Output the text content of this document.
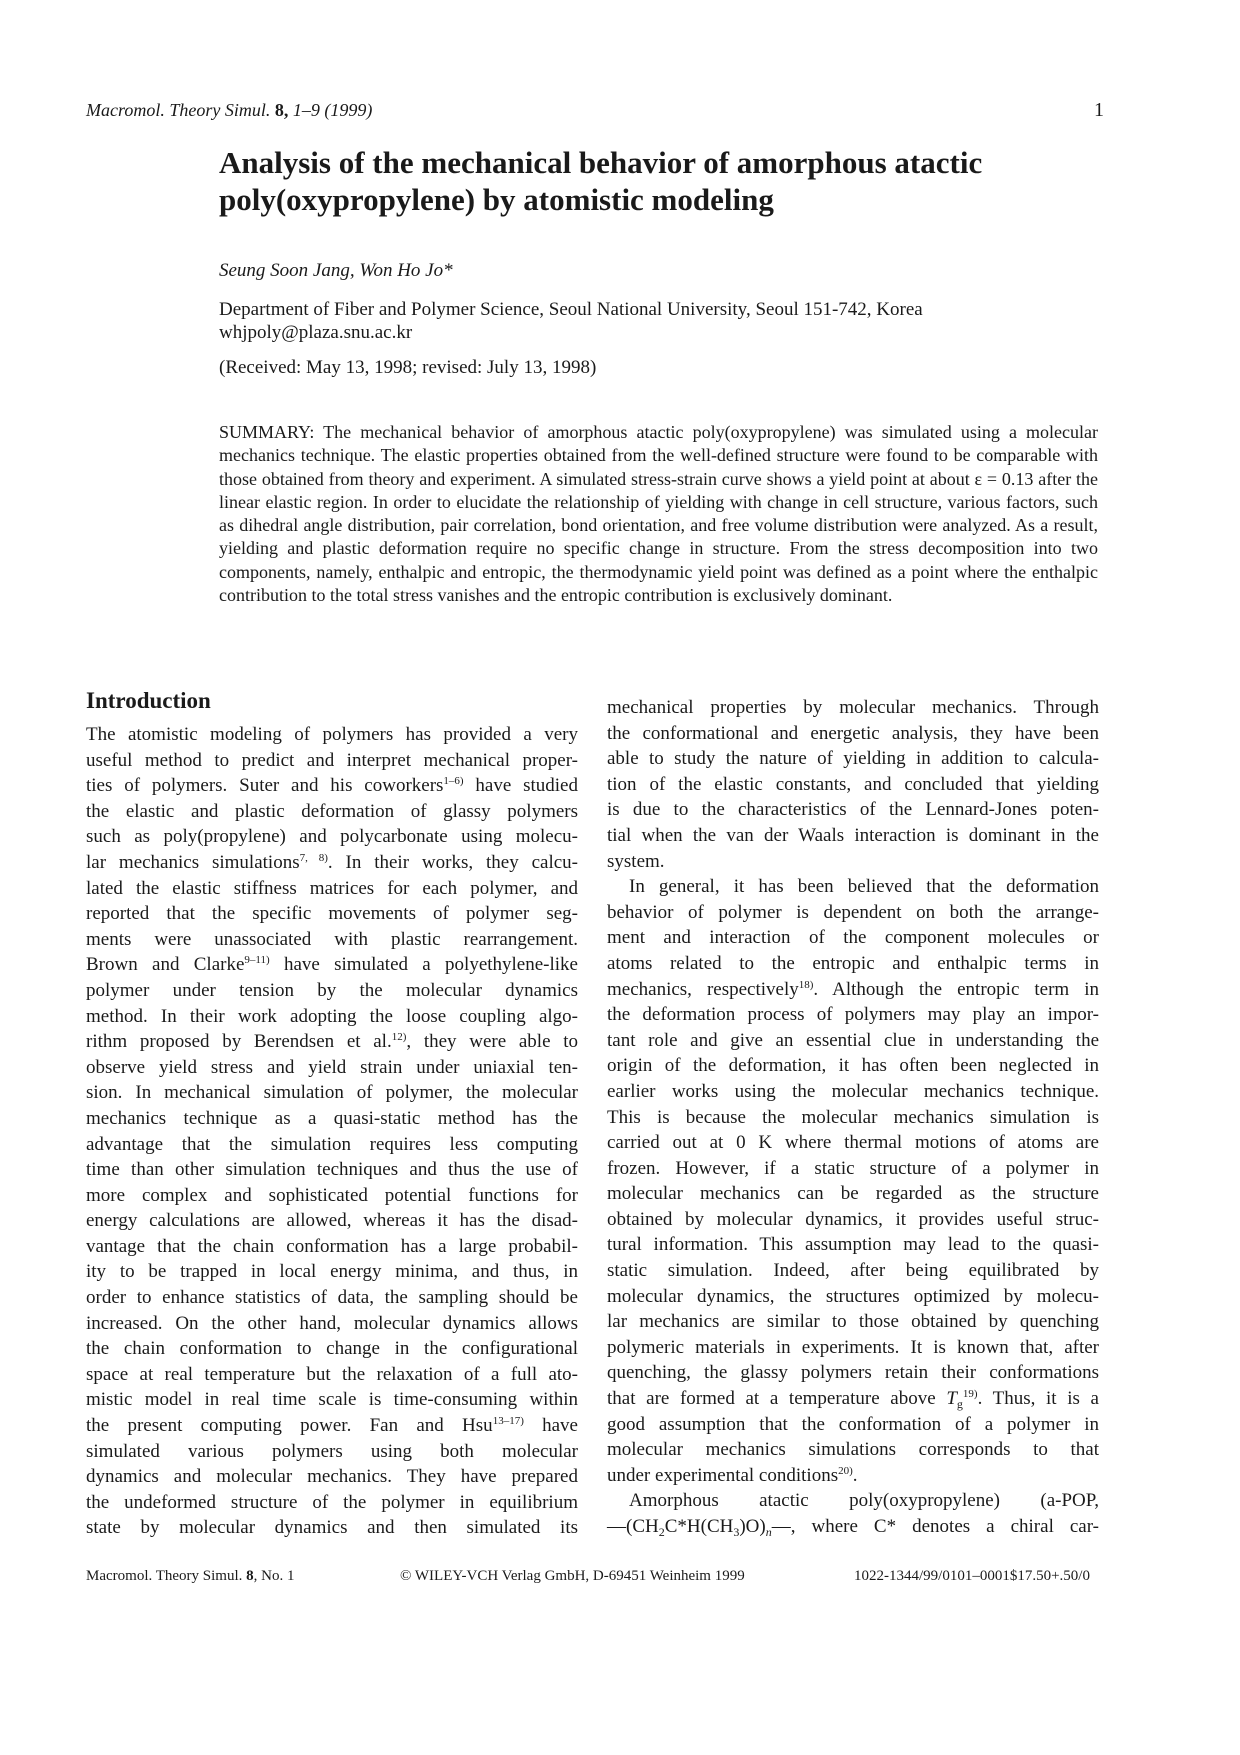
Macromol. Theory Simul. 8, 1–9 (1999)	1
Analysis of the mechanical behavior of amorphous atactic
poly(oxypropylene) by atomistic modeling
Seung Soon Jang, Won Ho Jo*
Department of Fiber and Polymer Science, Seoul National University, Seoul 151-742, Korea
whjpoly@plaza.snu.ac.kr
(Received: May 13, 1998; revised: July 13, 1998)
SUMMARY: The mechanical behavior of amorphous atactic poly(oxypropylene) was simulated using a molecular mechanics technique. The elastic properties obtained from the well-defined structure were found to be comparable with those obtained from theory and experiment. A simulated stress-strain curve shows a yield point at about ε = 0.13 after the linear elastic region. In order to elucidate the relationship of yielding with change in cell structure, various factors, such as dihedral angle distribution, pair correlation, bond orientation, and free volume distribution were analyzed. As a result, yielding and plastic deformation require no specific change in structure. From the stress decomposition into two components, namely, enthalpic and entropic, the thermodynamic yield point was defined as a point where the enthalpic contribution to the total stress vanishes and the entropic contribution is exclusively dominant.
Introduction
The atomistic modeling of polymers has provided a very
useful method to predict and interpret mechanical proper-
ties of polymers. Suter and his coworkers$^{1-6)}$ have studied
the elastic and plastic deformation of glassy polymers
such as poly(propylene) and polycarbonate using molecu-
lar mechanics simulations$^{7, 8)}$. In their works, they calcu-
lated the elastic stiffness matrices for each polymer, and
reported that the specific movements of polymer seg-
ments were unassociated with plastic rearrangement.
Brown and Clarke$^{9-11)}$ have simulated a polyethylene-like
polymer under tension by the molecular dynamics
method. In their work adopting the loose coupling algo-
rithm proposed by Berendsen et al.$^{12)}$, they were able to
observe yield stress and yield strain under uniaxial ten-
sion. In mechanical simulation of polymer, the molecular
mechanics technique as a quasi-static method has the
advantage that the simulation requires less computing
time than other simulation techniques and thus the use of
more complex and sophisticated potential functions for
energy calculations are allowed, whereas it has the disad-
vantage that the chain conformation has a large probabil-
ity to be trapped in local energy minima, and thus, in
order to enhance statistics of data, the sampling should be
increased. On the other hand, molecular dynamics allows
the chain conformation to change in the configurational
space at real temperature but the relaxation of a full ato-
mistic model in real time scale is time-consuming within
the present computing power. Fan and Hsu$^{13-17)}$ have
simulated various polymers using both molecular
dynamics and molecular mechanics. They have prepared
the undeformed structure of the polymer in equilibrium
state by molecular dynamics and then simulated its
mechanical properties by molecular mechanics. Through
the conformational and energetic analysis, they have been
able to study the nature of yielding in addition to calcula-
tion of the elastic constants, and concluded that yielding
is due to the characteristics of the Lennard-Jones poten-
tial when the van der Waals interaction is dominant in the
system.
In general, it has been believed that the deformation
behavior of polymer is dependent on both the arrange-
ment and interaction of the component molecules or
atoms related to the entropic and enthalpic terms in
mechanics, respectively$^{18)}$. Although the entropic term in
the deformation process of polymers may play an impor-
tant role and give an essential clue in understanding the
origin of the deformation, it has often been neglected in
earlier works using the molecular mechanics technique.
This is because the molecular mechanics simulation is
carried out at 0 K where thermal motions of atoms are
frozen. However, if a static structure of a polymer in
molecular mechanics can be regarded as the structure
obtained by molecular dynamics, it provides useful struc-
tural information. This assumption may lead to the quasi-
static simulation. Indeed, after being equilibrated by
molecular dynamics, the structures optimized by molecu-
lar mechanics are similar to those obtained by quenching
polymeric materials in experiments. It is known that, after
quenching, the glassy polymers retain their conformations
that are formed at a temperature above $T_g^{19)}$. Thus, it is a
good assumption that the conformation of a polymer in
molecular mechanics simulations corresponds to that
under experimental conditions$^{20)}$.
Amorphous atactic poly(oxypropylene) (a-POP,
$—(CH_2C*H(CH_3)O)_n—$, where C* denotes a chiral car-
Macromol. Theory Simul. 8, No. 1	© WILEY-VCH Verlag GmbH, D-69451 Weinheim 1999	1022-1344/99/0101–0001$17.50+.50/0
